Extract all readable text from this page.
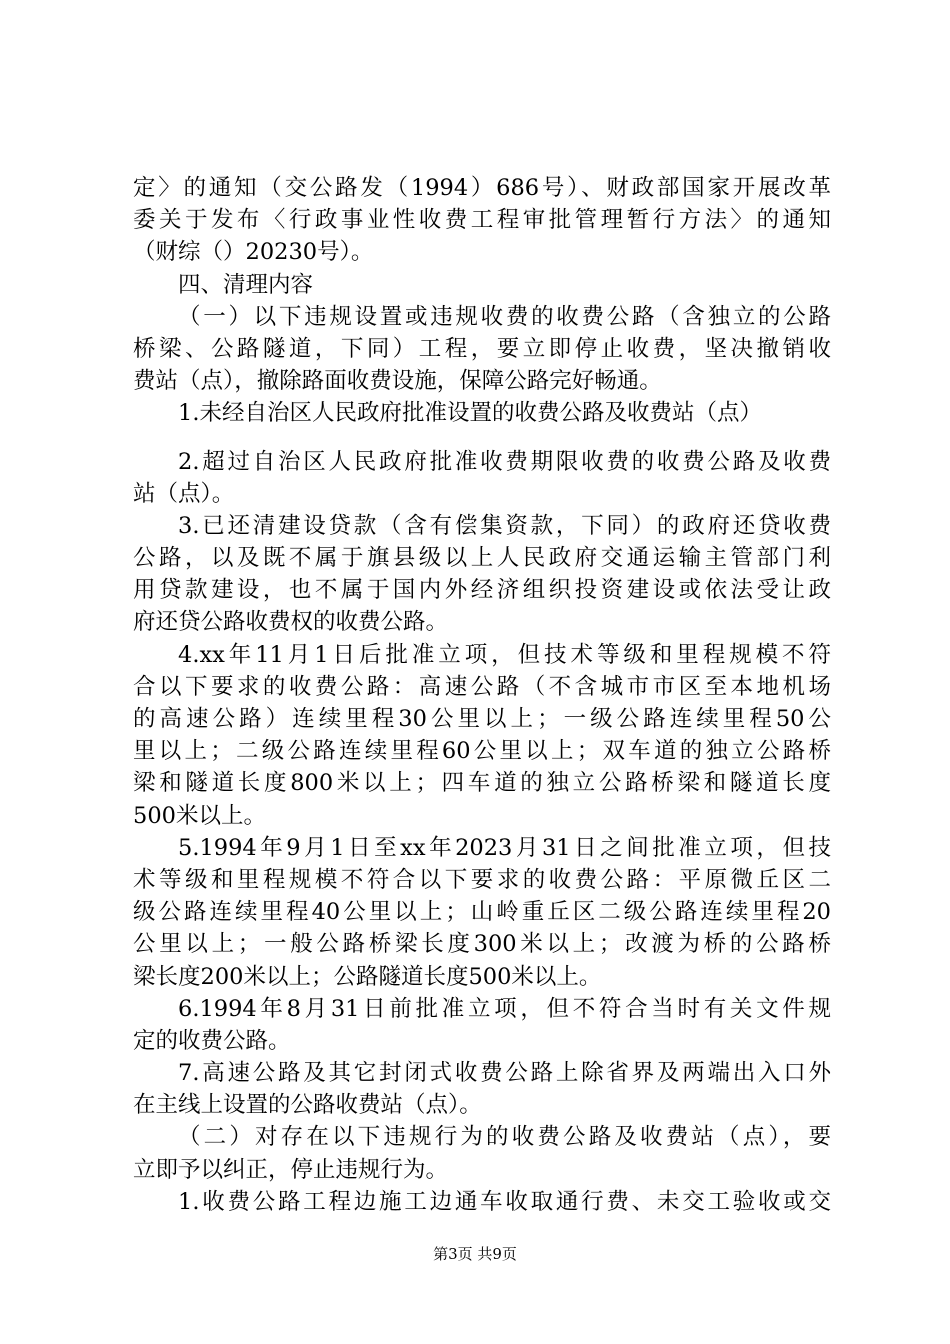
定〉的通知（交公路发（1994）686号）、财政部国家开展改革
委关于发布〈行政事业性收费工程审批管理暂行方法〉的通知
（财综（）20230号）。
四、清理内容
（一）以下违规设置或违规收费的收费公路（含独立的公路
桥梁、公路隧道，下同）工程，要立即停止收费，坚决撤销收
费站（点），撤除路面收费设施，保障公路完好畅通。
1.未经自治区人民政府批准设置的收费公路及收费站（点）
2.超过自治区人民政府批准收费期限收费的收费公路及收费
站（点）。
3.已还清建设贷款（含有偿集资款，下同）的政府还贷收费
公路，以及既不属于旗县级以上人民政府交通运输主管部门利
用贷款建设，也不属于国内外经济组织投资建设或依法受让政
府还贷公路收费权的收费公路。
4.xx年11月1日后批准立项，但技术等级和里程规模不符
合以下要求的收费公路：高速公路（不含城市市区至本地机场
的高速公路）连续里程30公里以上；一级公路连续里程50公
里以上；二级公路连续里程60公里以上；双车道的独立公路桥
梁和隧道长度800米以上；四车道的独立公路桥梁和隧道长度
500米以上。
5.1994年9月1日至xx年2023月31日之间批准立项，但技
术等级和里程规模不符合以下要求的收费公路：平原微丘区二
级公路连续里程40公里以上；山岭重丘区二级公路连续里程20
公里以上；一般公路桥梁长度300米以上；改渡为桥的公路桥
梁长度200米以上；公路隧道长度500米以上。
6.1994年8月31日前批准立项，但不符合当时有关文件规
定的收费公路。
7.高速公路及其它封闭式收费公路上除省界及两端出入口外
在主线上设置的公路收费站（点）。
（二）对存在以下违规行为的收费公路及收费站（点），要
立即予以纠正，停止违规行为。
1.收费公路工程边施工边通车收取通行费、未交工验收或交
第3页 共9页
